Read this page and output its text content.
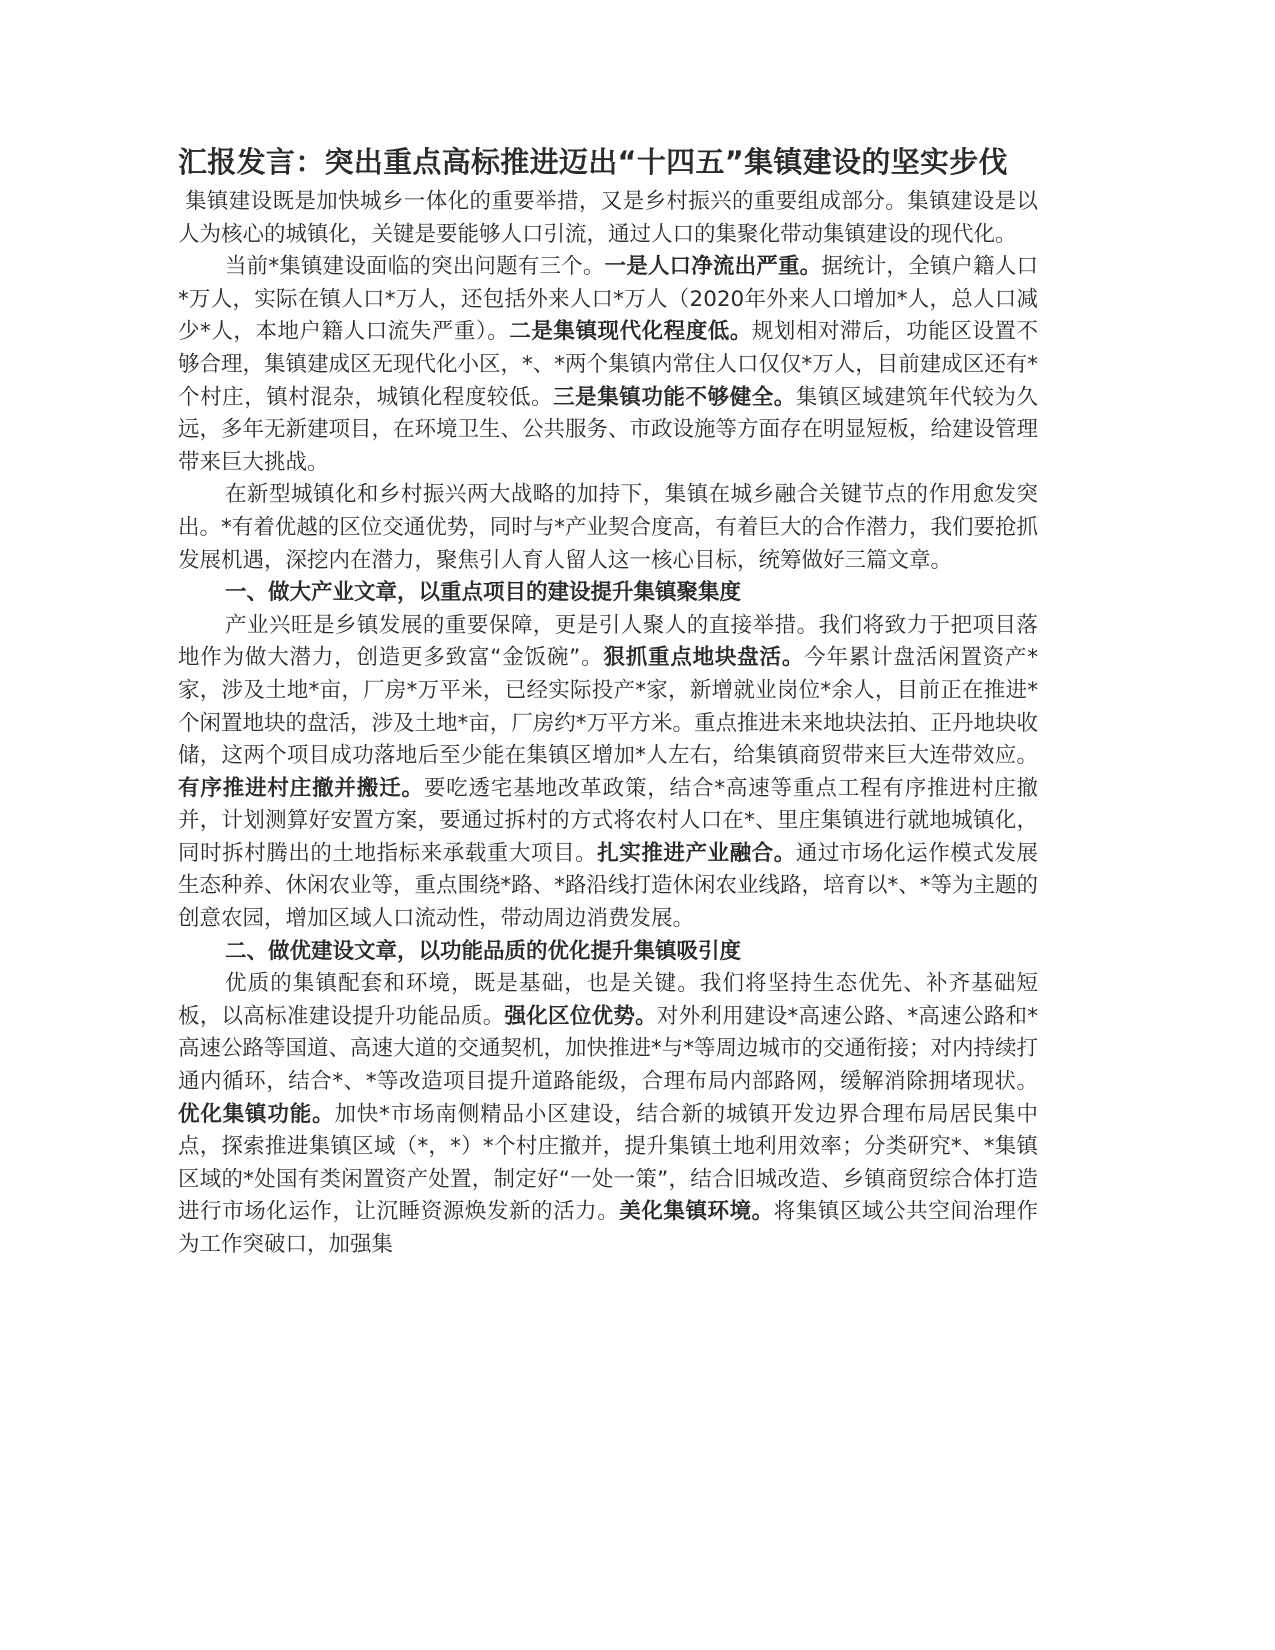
汇报发言：突出重点高标推进迈出“十四五”集镇建设的坚实步伐

集镇建设既是加快城乡一体化的重要举措，又是乡村振兴的重要组成部分。集镇建设是以人为核心的城镇化，关键是要能够人口引流，通过人口的集聚化带动集镇建设的现代化。

当前*集镇建设面临的突出问题有三个。一是人口净流出严重。据统计，全镇户籍人口*万人，实际在镇人口*万人，还包括外来人口*万人（2020年外来人口增加*人，总人口减少*人，本地户籍人口流失严重）。二是集镇现代化程度低。规划相对滞后，功能区设置不够合理，集镇建成区无现代化小区，*、*两个集镇内常住人口仅仅*万人，目前建成区还有*个村庄，镇村混杂，城镇化程度较低。三是集镇功能不够健全。集镇区域建筑年代较为久远，多年无新建项目，在环境卫生、公共服务、市政设施等方面存在明显短板，给建设管理带来巨大挑战。

在新型城镇化和乡村振兴两大战略的加持下，集镇在城乡融合关键节点的作用愈发突出。*有着优越的区位交通优势，同时与*产业契合度高，有着巨大的合作潜力，我们要抢抓发展机遇，深挖内在潜力，聚焦引人育人留人这一核心目标，统筹做好三篇文章。

一、做大产业文章，以重点项目的建设提升集镇聚集度

产业兴旺是乡镇发展的重要保障，更是引人聚人的直接举措。我们将致力于把项目落地作为做大潜力，创造更多致富“金饭碗”。狠抓重点地块盘活。今年累计盘活闲置资产*家，涉及土地*亩，厂房*万平米，已经实际投产*家，新增就业岗位*余人，目前正在推进*个闲置地块的盘活，涉及土地*亩，厂房约*万平方米。重点推进未来地块法拍、正丹地块收储，这两个项目成功落地后至少能在集镇区增加*人左右，给集镇商贸带来巨大连带效应。有序推进村庄撤并搬迁。要吃透宅基地改革政策，结合*高速等重点工程有序推进村庄撤并，计划测算好安置方案，要通过拆村的方式将农村人口在*、里庄集镇进行就地城镇化，同时拆村腾出的土地指标来承载重大项目。扎实推进产业融合。通过市场化运作模式发展生态种养、休闲农业等，重点围绕*路、*路沿线打造休闲农业线路，培育以*、*等为主题的创意农园，增加区域人口流动性，带动周边消费发展。

二、做优建设文章，以功能品质的优化提升集镇吸引度

优质的集镇配套和环境，既是基础，也是关键。我们将坚持生态优先、补齐基础短板，以高标准建设提升功能品质。强化区位优势。对外利用建设*高速公路、*高速公路和*高速公路等国道、高速大道的交通契机，加快推进*与*等周边城市的交通衔接；对内持续打通内循环，结合*、*等改造项目提升道路能级，合理布局内部路网，缓解消除拥堵现状。优化集镇功能。加快*市场南侧精品小区建设，结合新的城镇开发边界合理布局居民集中点，探索推进集镇区域（*，*）*个村庄撤并，提升集镇土地利用效率；分类研究*、*集镇区域的*处国有类闲置资产处置，制定好“一处一策”，结合旧城改造、乡镇商贸综合体打造进行市场化运作，让沉睡资源焕发新的活力。美化集镇环境。将集镇区域公共空间治理作为工作突破口，加强集
